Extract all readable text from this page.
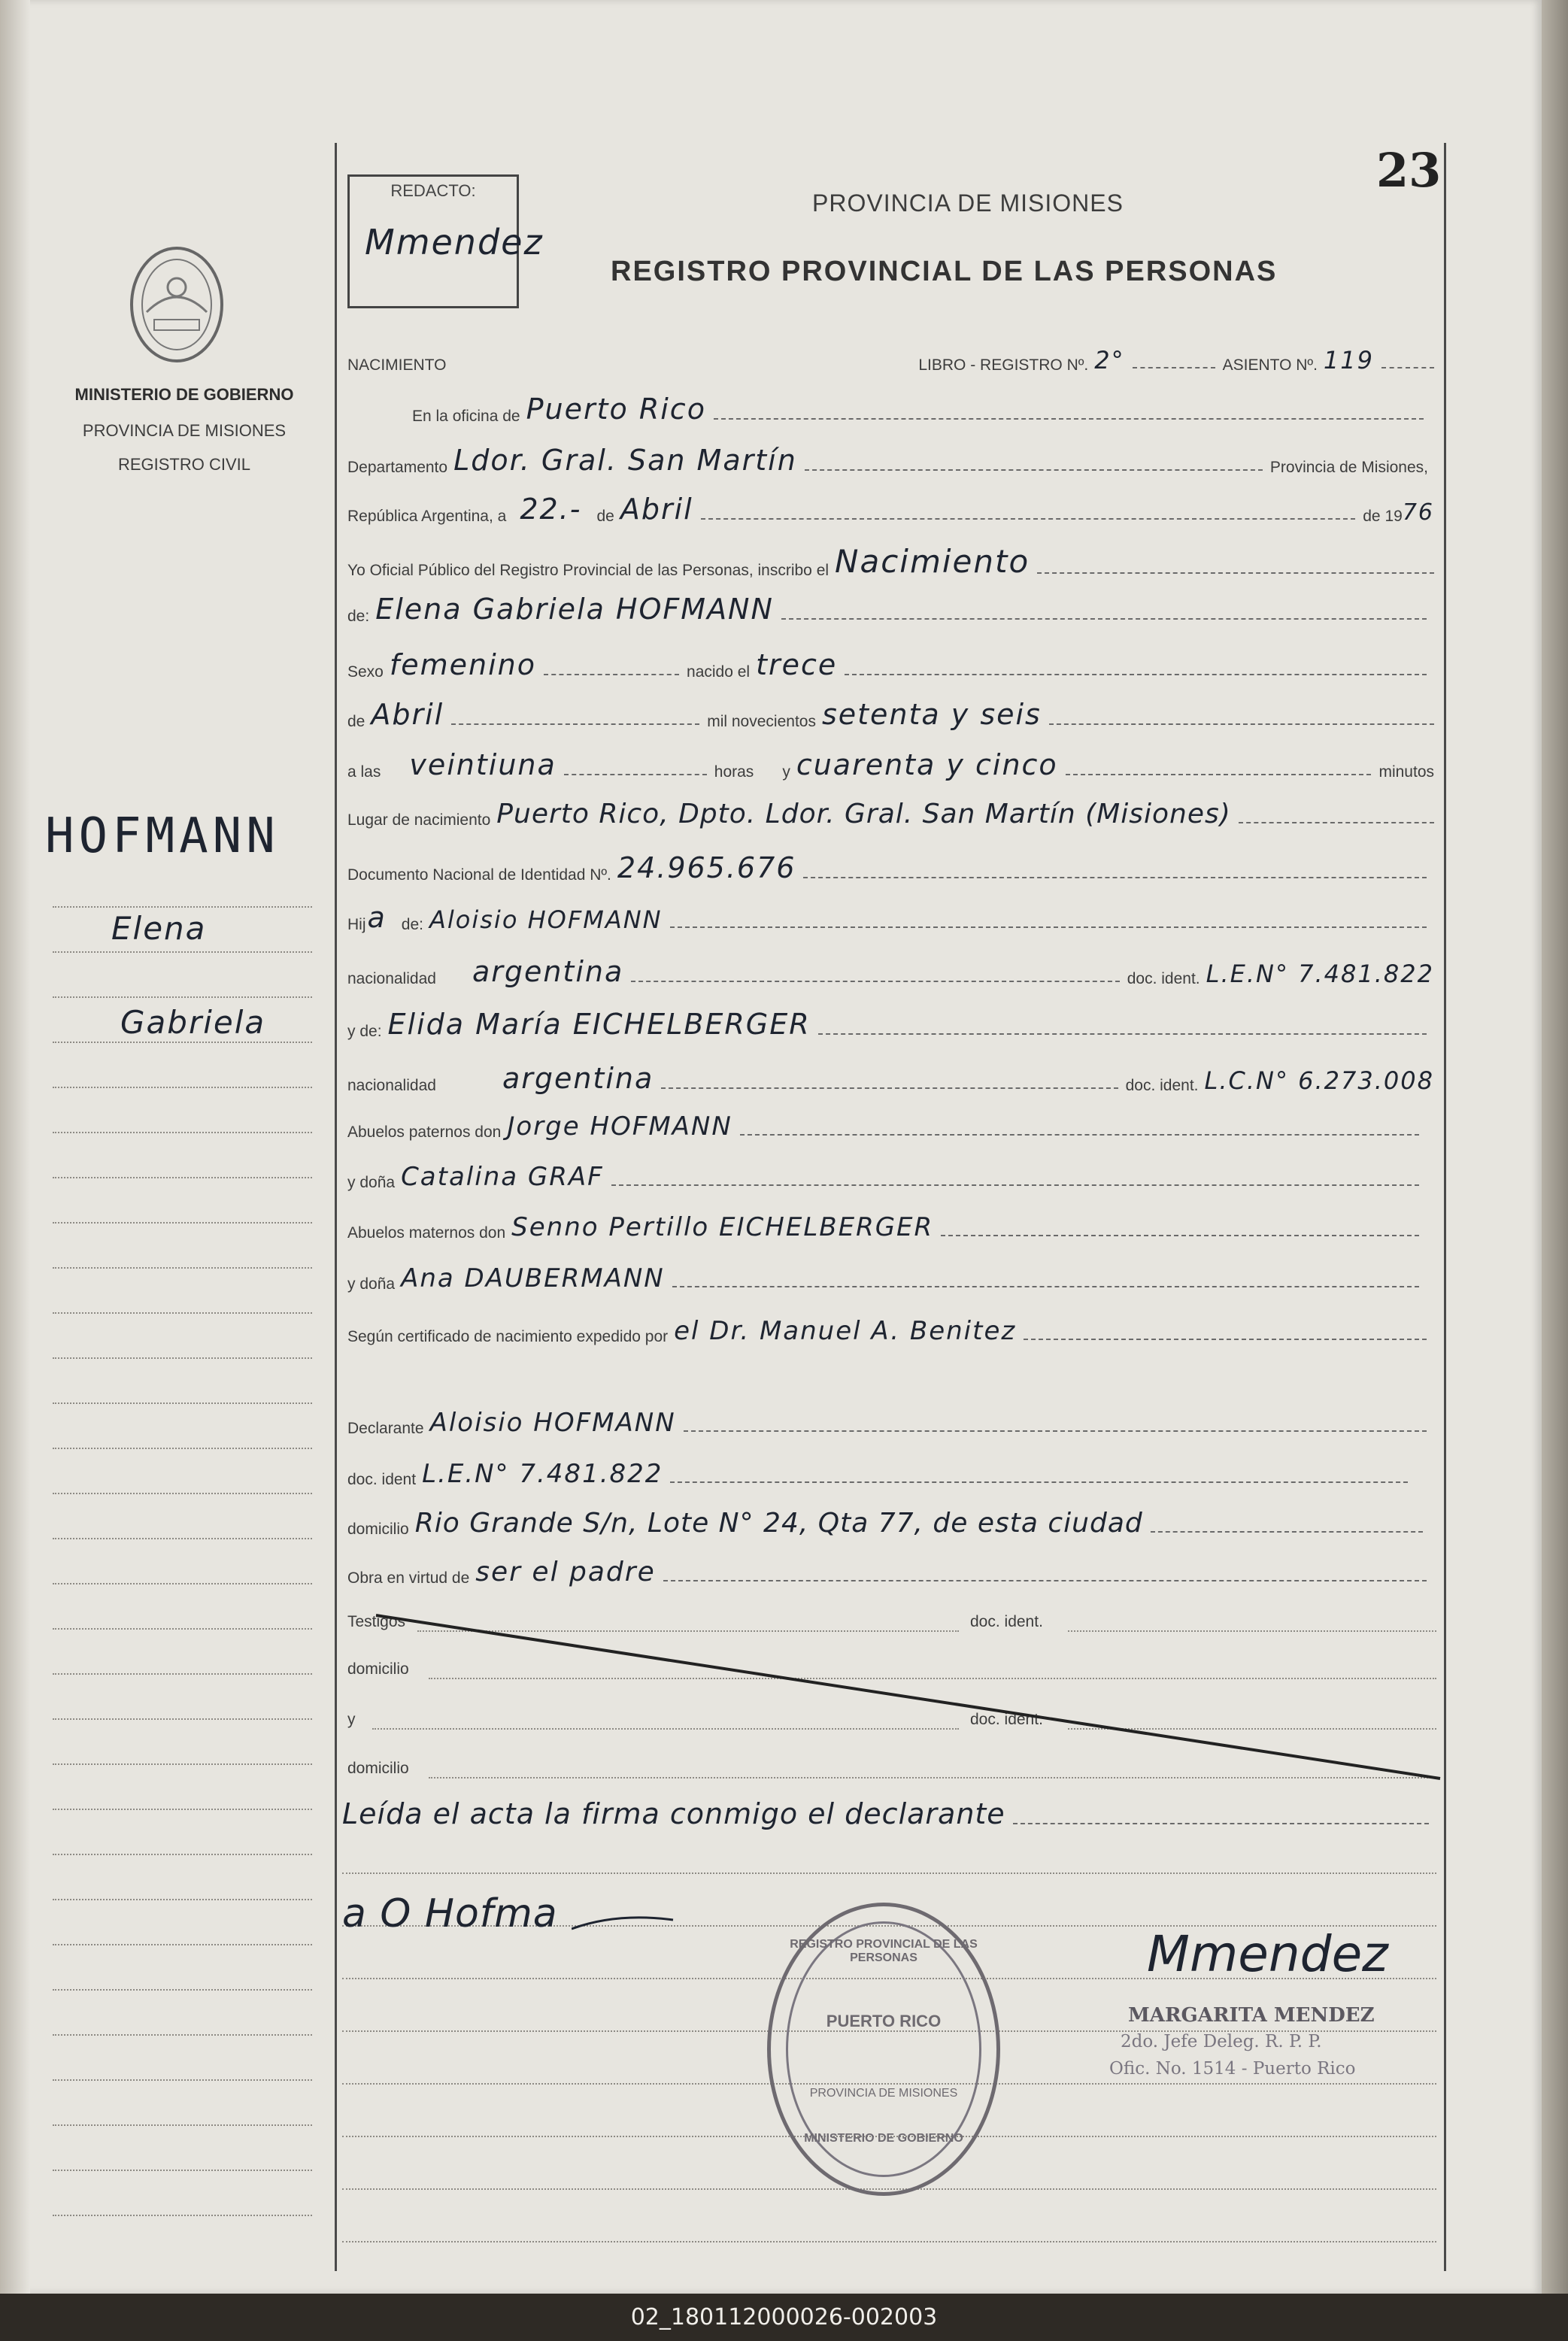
23
REDACTO:
Mmendez
PROVINCIA DE MISIONES
REGISTRO PROVINCIAL DE LAS PERSONAS
MINISTERIO DE GOBIERNO
PROVINCIA DE MISIONES
REGISTRO CIVIL
HOFMANN
Elena
Gabriela
NACIMIENTO	LIBRO - REGISTRO Nº. 2°	ASIENTO Nº. 119
En la oficina de Puerto Rico
Departamento Ldor. Gral. San Martín	Provincia de Misiones,
República Argentina, a 22.- de Abril	de 19 76
Yo Oficial Público del Registro Provincial de las Personas, inscribo el Nacimiento
de: Elena Gabriela HOFMANN
Sexo femenino	nacido el trece
de Abril	mil novecientos setenta y seis
a las veintiuna	horas y cuarenta y cinco	minutos
Lugar de nacimiento Puerto Rico, Dpto. Ldor. Gral. San Martín (Misiones)
Documento Nacional de Identidad Nº. 24.965.676
Hij a de: Aloisio HOFMANN
nacionalidad argentina	doc. ident. L.E.N° 7.481.822
y de: Elida María EICHELBERGER
nacionalidad argentina	doc. ident. L.C.N° 6.273.008
Abuelos paternos don Jorge HOFMANN
y doña Catalina GRAF
Abuelos maternos don Senno Pertillo EICHELBERGER
y doña Ana DAUBERMANN
Según certificado de nacimiento expedido por el Dr. Manuel A. Benitez
Declarante Aloisio HOFMANN
doc. ident L.E.N° 7.481.822
domicilio Rio Grande S/n, Lote N° 24, Qta 77, de esta ciudad
Obra en virtud de ser el padre
Testigos	doc. ident.
domicilio
y	doc. ident.
domicilio
Leída el acta la firma conmigo el declarante
a O Hofma
Mmendez
MARGARITA MENDEZ
2do. Jefe Deleg. R. P. P.
Ofic. No. 1514 - Puerto Rico
REGISTRO PROVINCIAL DE LAS PERSONAS
PUERTO RICO
PROVINCIA DE MISIONES
MINISTERIO DE GOBIERNO
02_180112000026-002003
